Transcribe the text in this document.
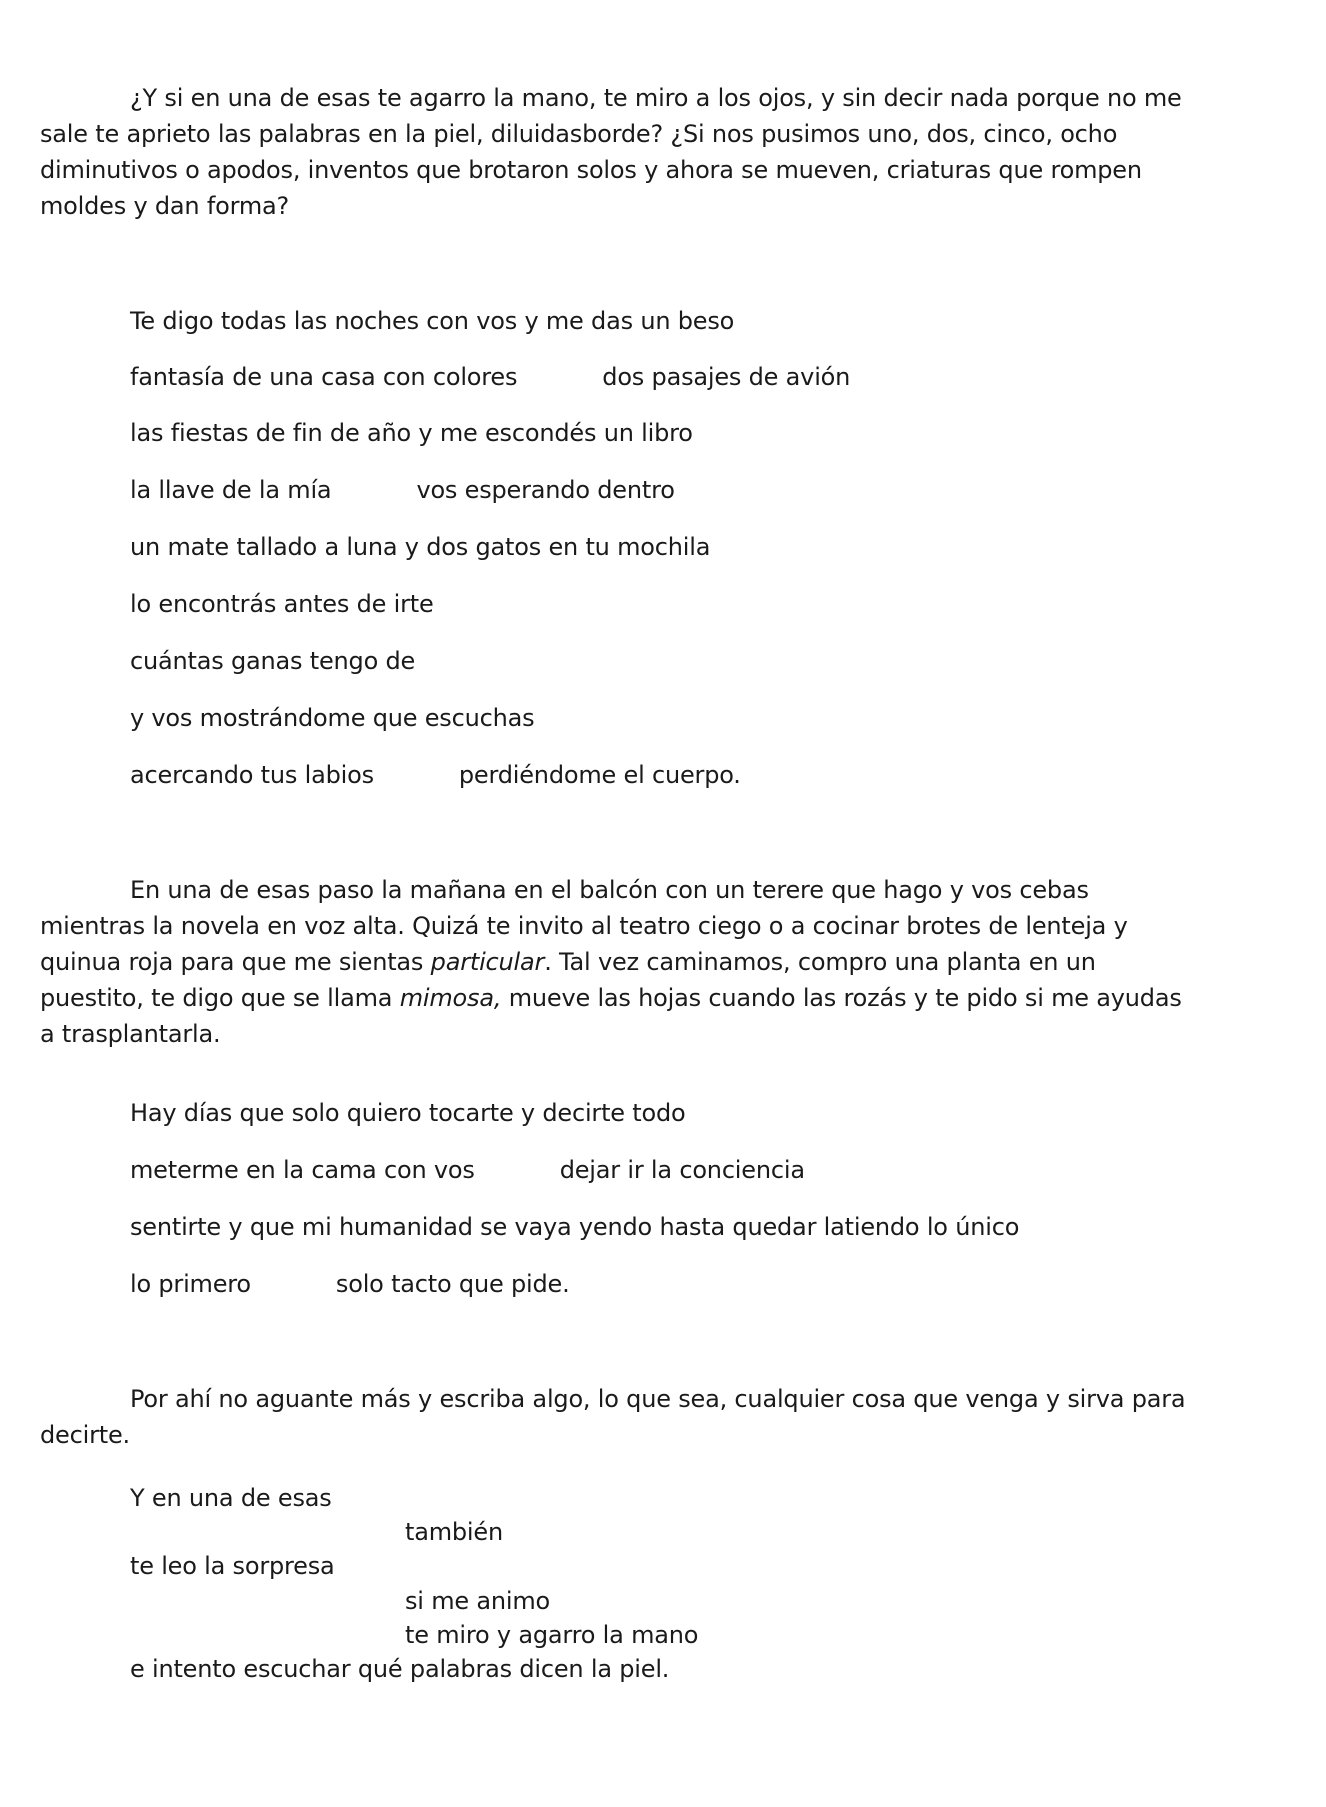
¿Y si en una de esas te agarro la mano, te miro a los ojos, y sin decir nada porque no me sale te aprieto las palabras en la piel, diluidasborde? ¿Si nos pusimos uno, dos, cinco, ocho diminutivos o apodos, inventos que brotaron solos y ahora se mueven, criaturas que rompen moldes y dan forma?

Te digo todas las noches con vos y me das un beso

fantasía de una casa con colores	dos pasajes de avión

las fiestas de fin de año y me escondés un libro

la llave de la mía	vos esperando dentro

un mate tallado a luna y dos gatos en tu mochila

lo encontrás antes de irte

cuántas ganas tengo de

y vos mostrándome que escuchas

acercando tus labios	perdiéndome el cuerpo.

En una de esas paso la mañana en el balcón con un terere que hago y vos cebas mientras la novela en voz alta. Quizá te invito al teatro ciego o a cocinar brotes de lenteja y quinua roja para que me sientas particular. Tal vez caminamos, compro una planta en un puestito, te digo que se llama mimosa, mueve las hojas cuando las rozás y te pido si me ayudas a trasplantarla.

Hay días que solo quiero tocarte y decirte todo

meterme en la cama con vos	dejar ir la conciencia

sentirte y que mi humanidad se vaya yendo hasta quedar latiendo lo único

lo primero	solo tacto que pide.

Por ahí no aguante más y escriba algo, lo que sea, cualquier cosa que venga y sirva para decirte.

Y en una de esas

también

te leo la sorpresa

si me animo

te miro y agarro la mano

e intento escuchar qué palabras dicen la piel.
